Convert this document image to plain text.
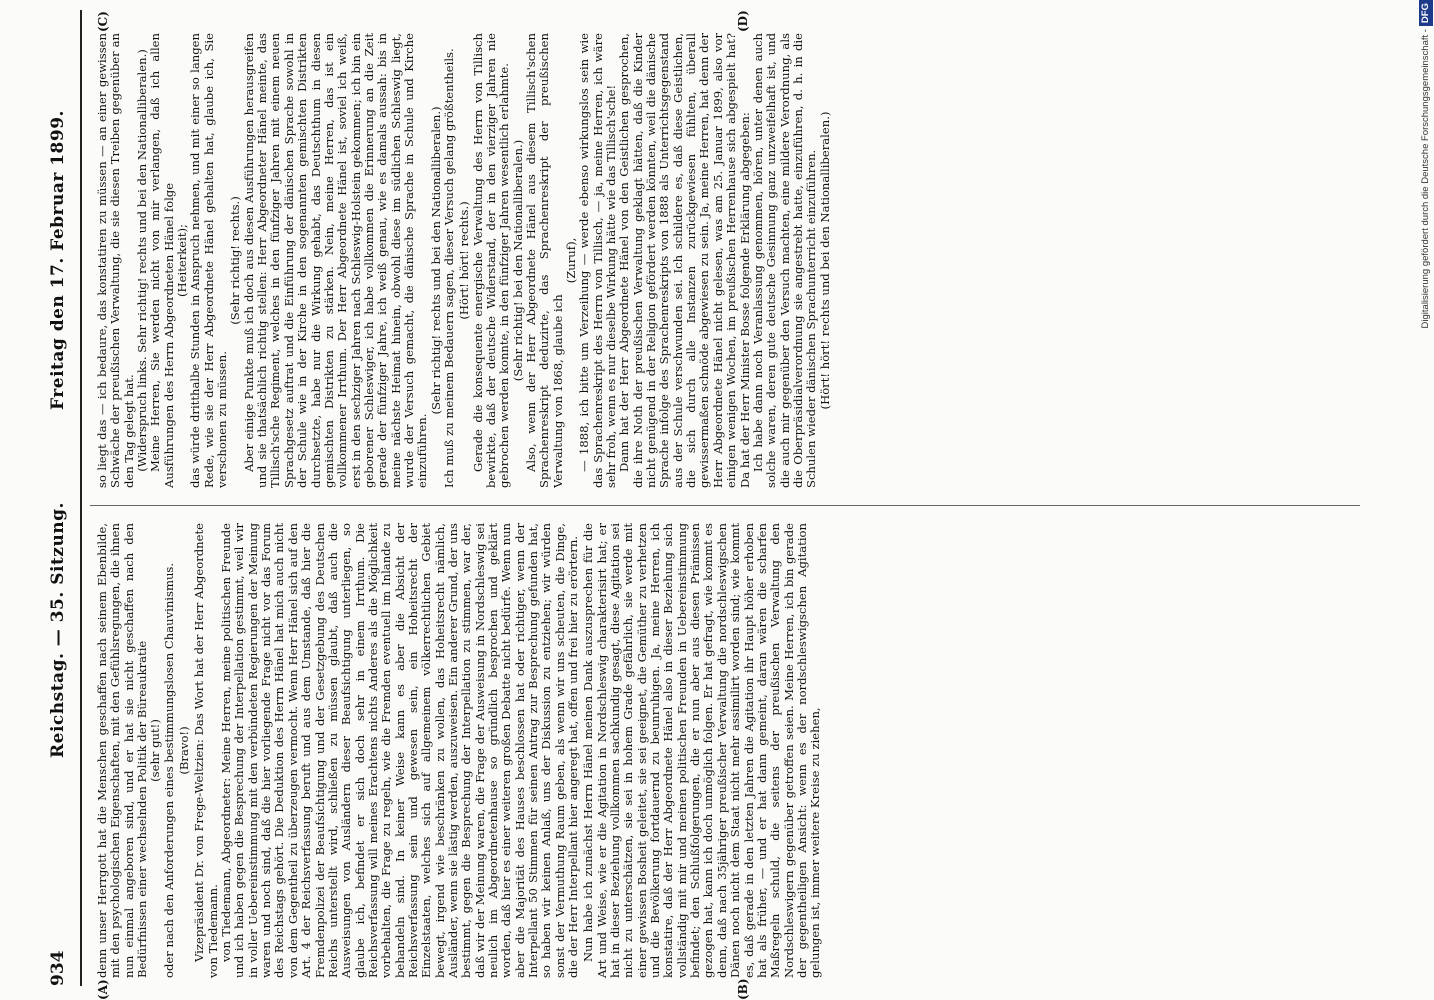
934
Reichstag. — 35. Sitzung.
Freitag den 17. Februar 1899.
(A)	(B)
(C)	(D)

denn unser Herrgott hat die Menschen geschaffen nach seinem Ebenbilde, mit den psychologischen Eigenschaften, mit den Gefühlsregungen, die ihnen nun einmal angeboren sind, und er hat sie nicht geschaffen nach den Bedürfnissen einer wechselnden Politik der Büreaukratie (sehr gut!) oder nach den Anforderungen eines bestimmungslosen Chauvinismus. (Bravo!) Vizepräsident Dr. von Frege-Weltzien: Das Wort hat der Herr Abgeordnete von Tiedemann. von Tiedemann, Abgeordneter: Meine Herren, meine politischen Freunde und ich haben gegen die Besprechung der Interpellation gestimmt, weil wir in voller Uebereinstimmung mit den verbündeten Regierungen der Meinung waren und noch sind, daß die hier vorliegende Frage nicht vor das Forum des Reichstags gehört. Die Deduktion des Herrn Hänel hat mich auch nicht von dem Gegentheil zu überzeugen vermocht. Wenn Herr Hänel sich auf den Art. 4 der Reichsverfassung beruft und aus dem Umstande, daß hier die Fremdenpolizei der Beaufsichtigung und der Gesetzgebung des Deutschen Reichs unterstellt wird, schließen zu müssen glaubt, daß auch die Ausweisungen von Ausländern dieser Beaufsichtigung unterliegen, so glaube ich, befindet er sich doch sehr in einem Irrthum. Die Reichsverfassung will meines Erachtens nichts Anderes als die Möglichkeit vorbehalten, die Frage zu regeln, wie die Fremden eventuell im Inlande zu behandeln sind. In keiner Weise kann es aber die Absicht der Reichsverfassung sein und gewesen sein, ein Hoheitsrecht der Einzelstaaten, welches sich auf allgemeinem völkerrechtlichen Gebiet bewegt, irgend wie beschränken zu wollen, das Hoheitsrecht nämlich, Ausländer, wenn sie lästig werden, auszuweisen. Ein anderer Grund, der uns bestimmt, gegen die Besprechung der Interpellation zu stimmen, war der, daß wir der Meinung waren, die Frage der Ausweisung in Nordschleswig sei neulich im Abgeordnetenhause so gründlich besprochen und geklärt worden, daß hier es einer weiteren großen Debatte nicht bedürfe. Wenn nun aber die Majorität des Hauses beschlossen hat oder richtiger, wenn der Interpellant 50 Stimmen für seinen Antrag zur Besprechung gefunden hat, so haben wir keinen Anlaß, uns der Diskussion zu entziehen; wir würden sonst der Vermuthung Raum geben, als wenn wir uns scheuten, die Dinge, die der Herr Interpellant hier angeregt hat, offen und frei hier zu erörtern. Nun habe ich zunächst Herrn Hänel meinen Dank auszusprechen für die Art und Weise, wie er die Agitation in Nordschleswig charakterisirt hat; er hat in dieser Beziehung vollkommen sachkundig gesagt, diese Agitation sei nicht zu unterschätzen, sie sei in hohem Grade gefährlich, sie werde mit einer gewissen Bosheit geleitet, sie sei geeignet, die Gemüther zu verhetzen und die Bevölkerung fortdauernd zu beunruhigen. Ja, meine Herren, ich konstatire, daß der Herr Abgeordnete Hänel also in dieser Beziehung sich vollständig mit mir und meinen politischen Freunden in Uebereinstimmung befindet; den Schlußfolgerungen, die er nun aber aus diesen Prämissen gezogen hat, kann ich doch unmöglich folgen. Er hat gefragt, wie kommt es denn, daß nach 35jähriger preußischer Verwaltung die nordschleswigschen Dänen noch nicht dem Staat nicht mehr assimilirt worden sind; wie kommt es, daß gerade in den letzten Jahren die Agitation ihr Haupt höher erhoben hat als früher, — und er hat dann gemeint, daran wären die scharfen Maßregeln schuld, die seitens der preußischen Verwaltung den Nordschleswigern gegenüber getroffen seien. Meine Herren, ich bin gerade der gegentheiligen Ansicht: wenn es der nordschleswigschen Agitation gelungen ist, immer weitere Kreise zu ziehen,

so liegt das — ich bedaure, das konstatiren zu müssen — an einer gewissen Schwäche der preußischen Verwaltung, die sie diesen Treiben gegenüber an den Tag gelegt hat. (Widerspruch links. Sehr richtig! rechts und bei den Nationalliberalen.) Meine Herren, Sie werden nicht von mir verlangen, daß ich allen Ausführungen des Herrn Abgeordneten Hänel folge (Heiterkeit); das würde dritthalbe Stunden in Anspruch nehmen, und mit einer so langen Rede, wie sie der Herr Abgeordnete Hänel gehalten hat, glaube ich, Sie verschonen zu müssen.

(Sehr richtig! rechts.) Aber einige Punkte muß ich doch aus diesen Ausführungen herausgreifen und sie thatsächlich richtig stellen: Herr Abgeordneter Hänel meinte, das Tillisch'sche Regiment, welches in den fünfziger Jahren mit einem neuen Sprachgesetz auftrat und die Einführung der dänischen Sprache sowohl in der Schule wie in der Kirche in den sogenannten gemischten Distrikten durchsetzte, habe nur die Wirkung gehabt, das Deutschthum in diesen gemischten Distrikten zu stärken. Nein, meine Herren, das ist ein vollkommener Irrthum. Der Herr Abgeordnete Hänel ist, soviel ich weiß, erst in den sechziger Jahren nach Schleswig-Holstein gekommen; ich bin ein geborener Schleswiger, ich habe vollkommen die Erinnerung an die Zeit gerade der fünfziger Jahre, ich weiß genau, wie es damals aussah: bis in meine nächste Heimat hinein, obwohl diese im südlichen Schleswig liegt, wurde der Versuch gemacht, die dänische Sprache in Schule und Kirche einzuführen.

(Sehr richtig! rechts und bei den Nationalliberalen.) Ich muß zu meinem Bedauern sagen, dieser Versuch gelang größtentheils. (Hört! hört! rechts.) Gerade die konsequente energische Verwaltung des Herrn von Tillisch bewirkte, daß der deutsche Widerstand, der in den vierziger Jahren nie gebrochen werden konnte, in den fünfziger Jahren wesentlich erlahmte. (Sehr richtig! bei den Nationalliberalen.) Also, wenn der Herr Abgeordnete Hänel aus diesem Tillisch'schen Sprachenreskript deduzirte, das Sprachenreskript der preußischen Verwaltung von 1868, glaube ich

(Zuruf), — 1888, ich bitte um Verzeihung — werde ebenso wirkungslos sein wie das Sprachenreskript des Herrn von Tillisch, — ja, meine Herren, ich wäre sehr froh, wenn es nur dieselbe Wirkung hätte wie das Tillisch'sche! Dann hat der Herr Abgeordnete Hänel von den Geistlichen gesprochen, die ihre Noth der preußischen Verwaltung geklagt hätten, daß die Kinder nicht genügend in der Religion gefördert werden könnten, weil die dänische Sprache infolge des Sprachenreskripts von 1888 als Unterrichtsgegenstand aus der Schule verschwunden sei. Ich schildere es, daß diese Geistlichen, die sich durch alle Instanzen zurückgewiesen fühlten, überall gewissermaßen schnöde abgewiesen zu sein. Ja, meine Herren, hat denn der Herr Abgeordnete Hänel nicht gelesen, was am 25. Januar 1899, also vor einigen wenigen Wochen, im preußischen Herrenhause sich abgespielt hat? Da hat der Herr Minister Bosse folgende Erklärung abgegeben: Ich habe dann noch Veranlassung genommen, hören, unter denen auch solche waren, deren gute deutsche Gesinnung ganz unzweifelhaft ist, und die auch mir gegenüber den Versuch machten, eine mildere Verordnung, als die Oberpräsidialverordnung sie angestrebt hatte, einzuführen, d. h. in die Schulen wieder dänischen Sprachunterricht einzuführen. (Hört! hört! rechts und bei den Nationalliberalen.)	Digitalisierung gefördert durch die Deutsche Forschungsgemeinschaft -DFG
